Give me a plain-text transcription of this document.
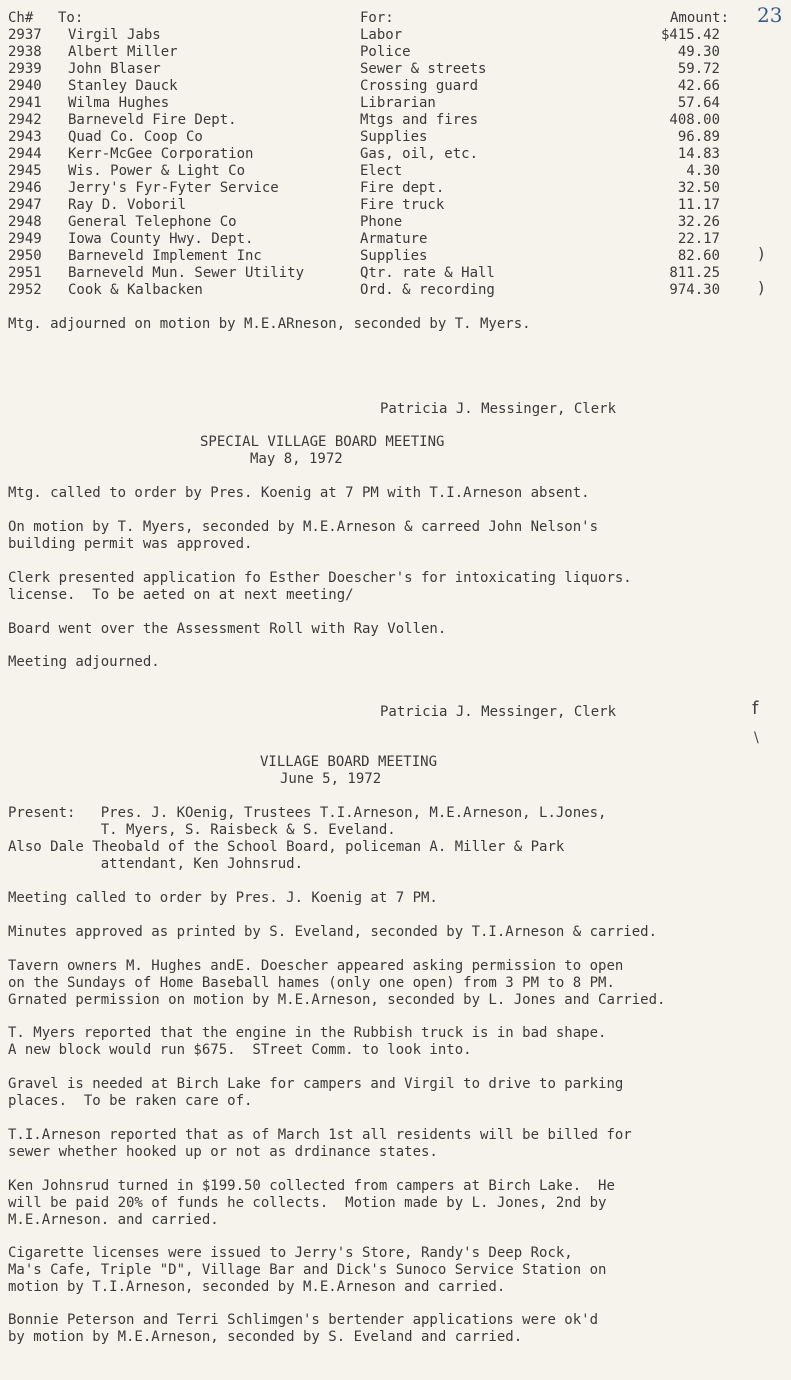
23
Ch# To:	For:	Amount:
2937 Virgil Jabs	Labor	$415.42
2938 Albert Miller	Police	49.30
2939 John Blaser	Sewer & streets	59.72
2940 Stanley Dauck	Crossing guard	42.66
2941 Wilma Hughes	Librarian	57.64
2942 Barneveld Fire Dept.	Mtgs and fires	408.00
2943 Quad Co. Coop Co	Supplies	96.89
2944 Kerr-McGee Corporation	Gas, oil, etc.	14.83
2945 Wis. Power & Light Co	Elect	4.30
2946 Jerry's Fyr-Fyter Service	Fire dept.	32.50
2947 Ray D. Voboril	Fire truck	11.17
2948 General Telephone Co	Phone	32.26
2949 Iowa County Hwy. Dept.	Armature	22.17
2950 Barneveld Implement Inc	Supplies	82.60
2951 Barneveld Mun. Sewer Utility	Qtr. rate & Hall	811.25
2952 Cook & Kalbacken	Ord. & recording	974.30
)
)
Mtg. adjourned on motion by M.E.ARneson, seconded by T. Myers.
Patricia J. Messinger, Clerk
SPECIAL VILLAGE BOARD MEETING
May 8, 1972
Mtg. called to order by Pres. Koenig at 7 PM with T.I.Arneson absent.
On motion by T. Myers, seconded by M.E.Arneson & carreed John Nelson's
building permit was approved.
Clerk presented application fo Esther Doescher's for intoxicating liquors.
license.  To be aeted on at next meeting/
Board went over the Assessment Roll with Ray Vollen.
Meeting adjourned.
Patricia J. Messinger, Clerk	f
\
VILLAGE BOARD MEETING
June 5, 1972
Present:   Pres. J. KOenig, Trustees T.I.Arneson, M.E.Arneson, L.Jones,
T. Myers, S. Raisbeck & S. Eveland.
Also Dale Theobald of the School Board, policeman A. Miller & Park
attendant, Ken Johnsrud.
Meeting called to order by Pres. J. Koenig at 7 PM.
Minutes approved as printed by S. Eveland, seconded by T.I.Arneson & carried.
Tavern owners M. Hughes andE. Doescher appeared asking permission to open
on the Sundays of Home Baseball hames (only one open) from 3 PM to 8 PM.
Grnated permission on motion by M.E.Arneson, seconded by L. Jones and Carried.
T. Myers reported that the engine in the Rubbish truck is in bad shape.
A new block would run $675.  STreet Comm. to look into.
Gravel is needed at Birch Lake for campers and Virgil to drive to parking
places.  To be raken care of.
T.I.Arneson reported that as of March 1st all residents will be billed for
sewer whether hooked up or not as drdinance states.
Ken Johnsrud turned in $199.50 collected from campers at Birch Lake.  He
will be paid 20% of funds he collects.  Motion made by L. Jones, 2nd by
M.E.Arneson. and carried.
Cigarette licenses were issued to Jerry's Store, Randy's Deep Rock,
Ma's Cafe, Triple "D", Village Bar and Dick's Sunoco Service Station on
motion by T.I.Arneson, seconded by M.E.Arneson and carried.
Bonnie Peterson and Terri Schlimgen's bertender applications were ok'd
by motion by M.E.Arneson, seconded by S. Eveland and carried.
